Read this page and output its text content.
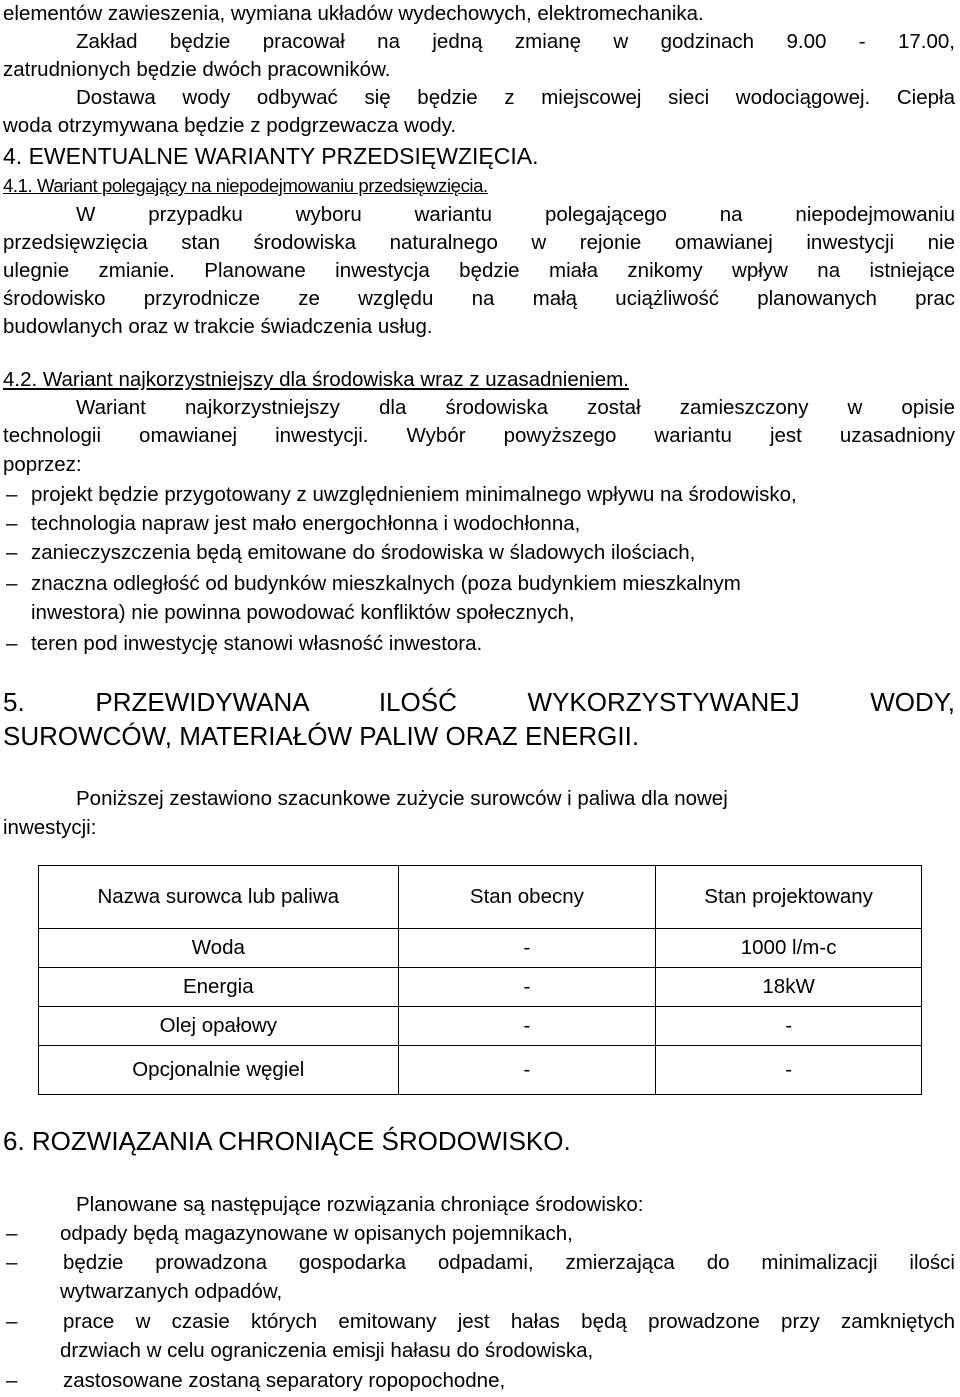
elementów zawieszenia, wymiana układów wydechowych, elektromechanika.
Zakład będzie pracował na jedną zmianę w godzinach 9.00 - 17.00,
zatrudnionych będzie dwóch pracowników.
Dostawa wody odbywać się będzie z miejscowej sieci wodociągowej. Ciepła
woda otrzymywana będzie z podgrzewacza wody.
4. EWENTUALNE WARIANTY PRZEDSIĘWZIĘCIA.
4.1. Wariant polegający na niepodejmowaniu przedsięwzięcia.
W przypadku wyboru wariantu polegającego na niepodejmowaniu
przedsięwzięcia stan środowiska naturalnego w rejonie omawianej inwestycji nie
ulegnie zmianie. Planowane inwestycja będzie miała znikomy wpływ na istniejące
środowisko przyrodnicze ze względu na małą uciążliwość planowanych prac
budowlanych oraz w trakcie świadczenia usług.
4.2. Wariant najkorzystniejszy dla środowiska wraz z uzasadnieniem.
Wariant najkorzystniejszy dla środowiska został zamieszczony w opisie
technologii omawianej inwestycji. Wybór powyższego wariantu jest uzasadniony
poprzez:
– projekt będzie przygotowany z uwzględnieniem minimalnego wpływu na środowisko,
– technologia napraw jest mało energochłonna i wodochłonna,
– zanieczyszczenia będą emitowane do środowiska w śladowych ilościach,
– znaczna odległość od budynków mieszkalnych (poza budynkiem mieszkalnym
inwestora) nie powinna powodować konfliktów społecznych,
– teren pod inwestycję stanowi własność inwestora.
5. PRZEWIDYWANA ILOŚĆ WYKORZYSTYWANEJ WODY,
SUROWCÓW, MATERIAŁÓW PALIW ORAZ ENERGII.
Poniższej zestawiono szacunkowe zużycie surowców i paliwa dla nowej
inwestycji:
Nazwa surowca lub paliwa	Stan obecny	Stan projektowany
Woda	-	1000 l/m-c
Energia	-	18kW
Olej opałowy	-	-
Opcjonalnie węgiel	-	-
6. ROZWIĄZANIA CHRONIĄCE ŚRODOWISKO.
Planowane są następujące rozwiązania chroniące środowisko:
– odpady będą magazynowane w opisanych pojemnikach,
– będzie prowadzona gospodarka odpadami, zmierzająca do minimalizacji ilości
wytwarzanych odpadów,
– prace w czasie których emitowany jest hałas będą prowadzone przy zamkniętych
drzwiach w celu ograniczenia emisji hałasu do środowiska,
– zastosowane zostaną separatory ropopochodne,
